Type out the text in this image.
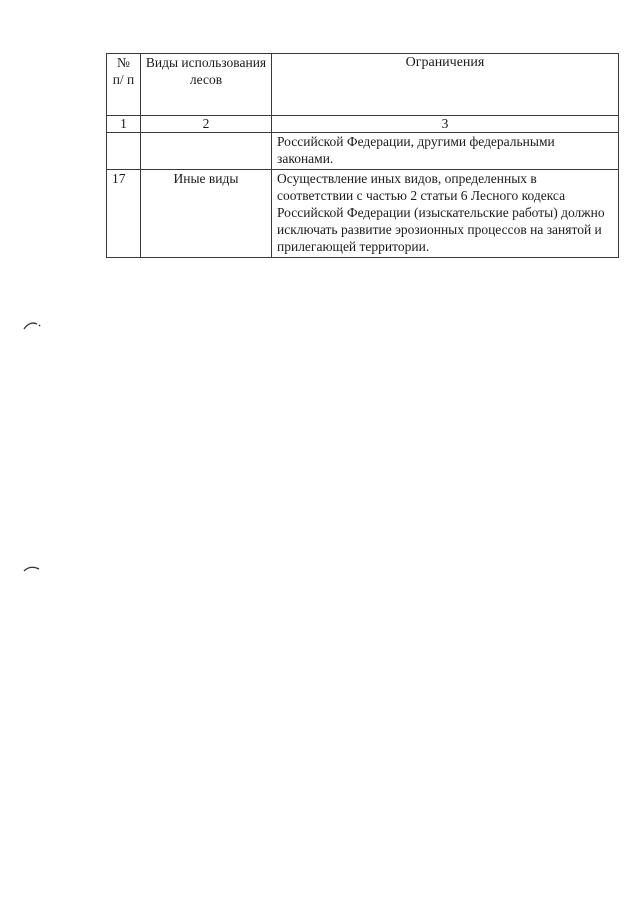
№ п/ п	Виды использования лесов	Ограничения
1	2	3
		Российской Федерации, другими федеральными законами.
17	Иные виды	Осуществление иных видов, определенных в соответствии с частью 2 статьи 6 Лесного кодекса Российской Федерации (изыскательские работы) должно исключать развитие эрозионных процессов на занятой и прилегающей территории.
